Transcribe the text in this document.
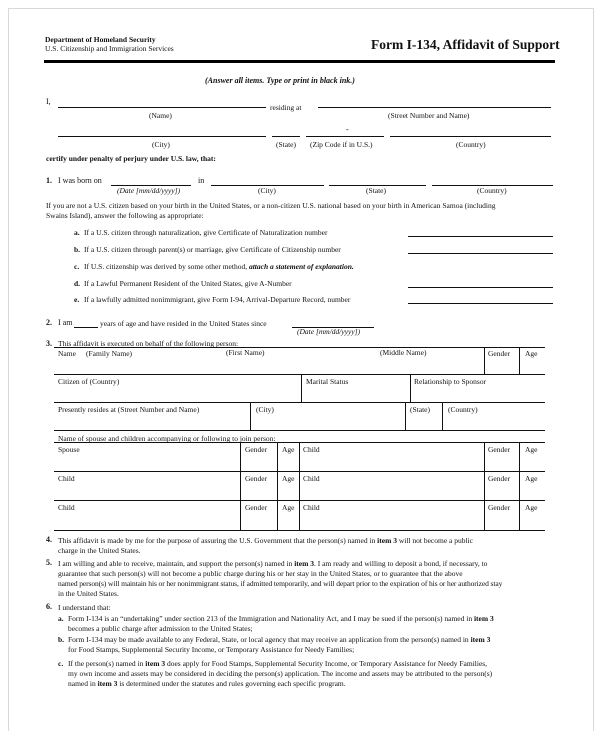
Department of Homeland Security
U.S. Citizenship and Immigration Services	Form I-134, Affidavit of Support
(Answer all items. Type or print in black ink.)
I,
residing at
(Name)	(Street Number and Name)
-
(City)	(State) (Zip Code if in U.S.)	(Country)
certify under penalty of perjury under U.S. law, that:
1. I was born on	in
(Date [mm/dd/yyyy])	(City)	(State)	(Country)
If you are not a U.S. citizen based on your birth in the United States, or a non-citizen U.S. national based on your birth in American Samoa (including
Swains Island), answer the following as appropriate:
a. If a U.S. citizen through naturalization, give Certificate of Naturalization number
b. If a U.S. citizen through parent(s) or marriage, give Certificate of Citizenship number
c. If U.S. citizenship was derived by some other method, attach a statement of explanation.
d. If a Lawful Permanent Resident of the United States, give A-Number
e. If a lawfully admitted nonimmigrant, give Form I-94, Arrival-Departure Record, number
2. I am	years of age and have resided in the United States since
(Date [mm/dd/yyyy])
3. This affidavit is executed on behalf of the following person:
Name (Family Name)	(First Name)	(Middle Name)	Gender Age
Citizen of (Country)	Marital Status	Relationship to Sponsor
Presently resides at (Street Number and Name)	(City)	(State) (Country)
Name of spouse and children accompanying or following to join person:
Spouse	Gender Age Child	Gender Age
Child	Gender Age Child	Gender Age
Child	Gender Age Child	Gender Age
4. This affidavit is made by me for the purpose of assuring the U.S. Government that the person(s) named in item 3 will not become a public
charge in the United States.
5. I am willing and able to receive, maintain, and support the person(s) named in item 3. I am ready and willing to deposit a bond, if necessary, to
guarantee that such person(s) will not become a public charge during his or her stay in the United States, or to guarantee that the above
named person(s) will maintain his or her nonimmigrant status, if admitted temporarily, and will depart prior to the expiration of his or her authorized stay
in the United States.
6. I understand that:
a. Form I-134 is an “undertaking” under section 213 of the Immigration and Nationality Act, and I may be sued if the person(s) named in item 3
becomes a public charge after admission to the United States;
b. Form I-134 may be made available to any Federal, State, or local agency that may receive an application from the person(s) named in item 3
for Food Stamps, Supplemental Security Income, or Temporary Assistance for Needy Families;
c. If the person(s) named in item 3 does apply for Food Stamps, Supplemental Security Income, or Temporary Assistance for Needy Families,
my own income and assets may be considered in deciding the person(s) application. The income and assets may be attributed to the person(s)
named in item 3 is determined under the statutes and rules governing each specific program.
